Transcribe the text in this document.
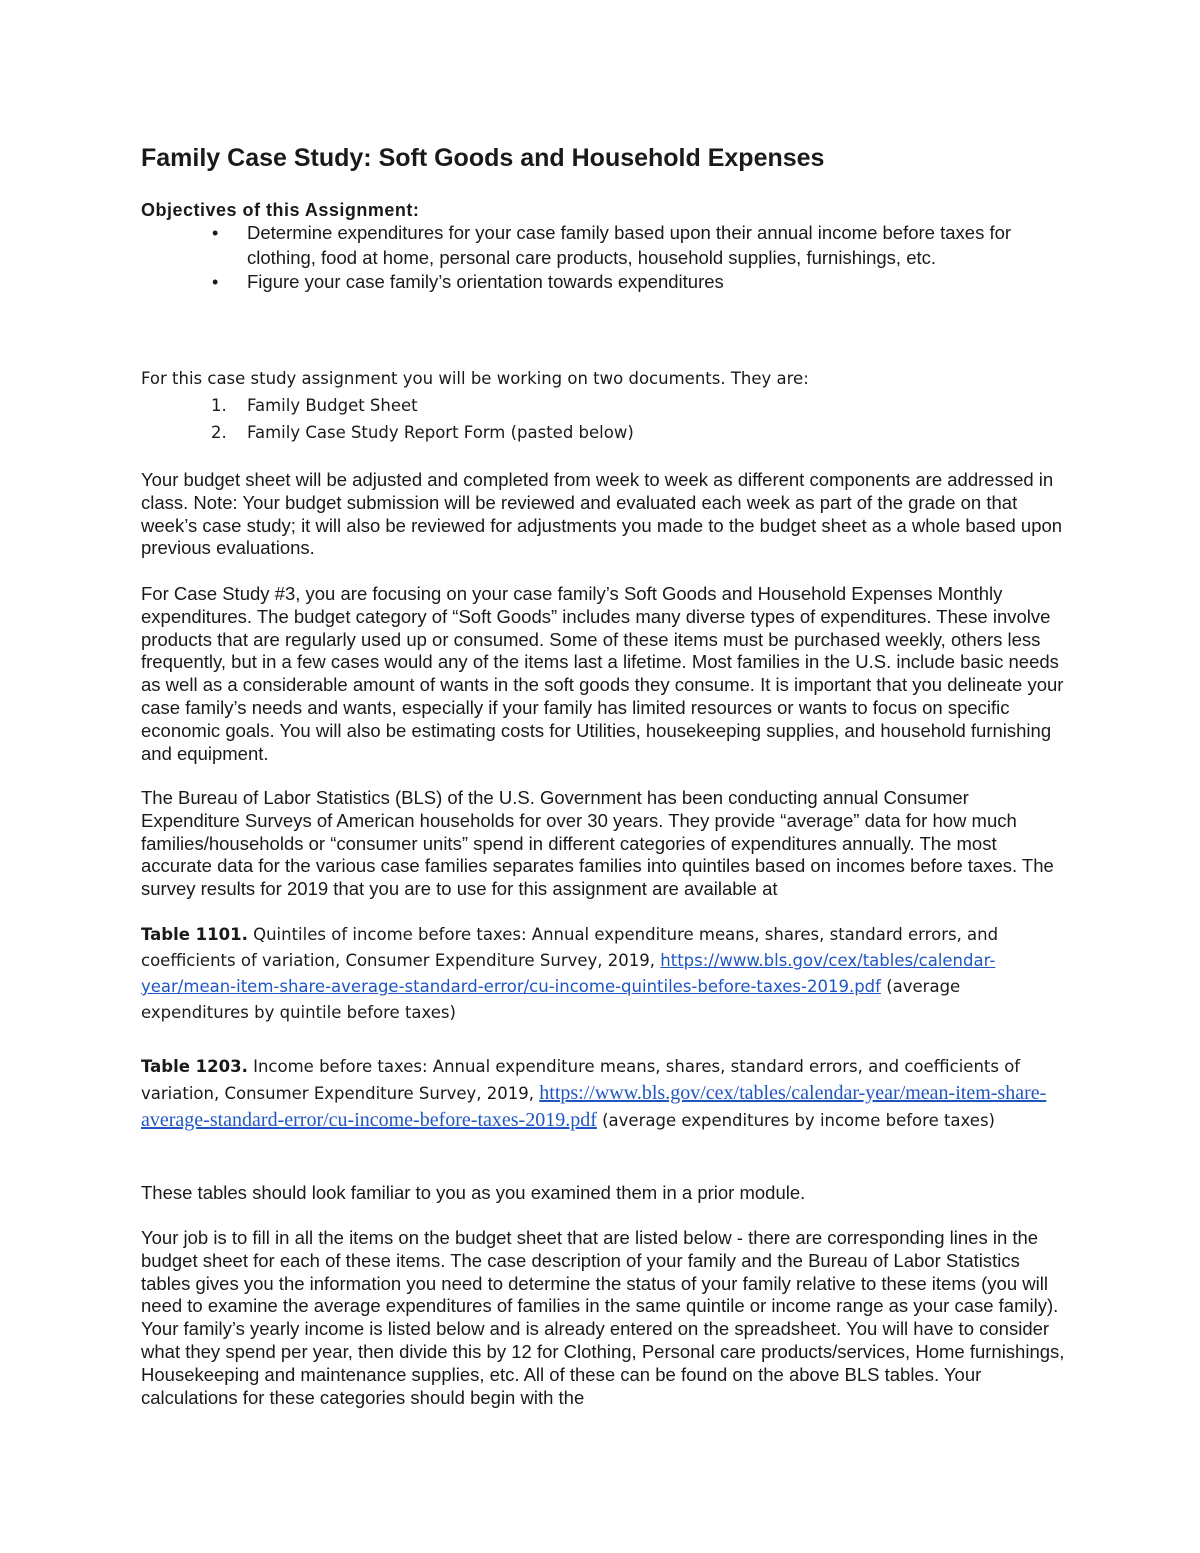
Family Case Study: Soft Goods and Household Expenses

Objectives of this Assignment:

• Determine expenditures for your case family based upon their annual income before taxes for clothing, food at home, personal care products, household supplies, furnishings, etc.
• Figure your case family’s orientation towards expenditures

For this case study assignment you will be working on two documents. They are:

1. Family Budget Sheet
2. Family Case Study Report Form (pasted below)

Your budget sheet will be adjusted and completed from week to week as different components are addressed in class. Note: Your budget submission will be reviewed and evaluated each week as part of the grade on that week’s case study; it will also be reviewed for adjustments you made to the budget sheet as a whole based upon previous evaluations.

For Case Study #3, you are focusing on your case family’s Soft Goods and Household Expenses Monthly expenditures. The budget category of “Soft Goods” includes many diverse types of expenditures. These involve products that are regularly used up or consumed. Some of these items must be purchased weekly, others less frequently, but in a few cases would any of the items last a lifetime. Most families in the U.S. include basic needs as well as a considerable amount of wants in the soft goods they consume. It is important that you delineate your case family’s needs and wants, especially if your family has limited resources or wants to focus on specific economic goals. You will also be estimating costs for Utilities, housekeeping supplies, and household furnishing and equipment.

The Bureau of Labor Statistics (BLS) of the U.S. Government has been conducting annual Consumer Expenditure Surveys of American households for over 30 years. They provide “average” data for how much families/households or “consumer units” spend in different categories of expenditures annually. The most accurate data for the various case families separates families into quintiles based on incomes before taxes. The survey results for 2019 that you are to use for this assignment are available at

Table 1101. Quintiles of income before taxes: Annual expenditure means, shares, standard errors, and coefficients of variation, Consumer Expenditure Survey, 2019, https://www.bls.gov/cex/tables/calendar-year/mean-item-share-average-standard-error/cu-income-quintiles-before-taxes-2019.pdf (average expenditures by quintile before taxes)

Table 1203. Income before taxes: Annual expenditure means, shares, standard errors, and coefficients of variation, Consumer Expenditure Survey, 2019, https://www.bls.gov/cex/tables/calendar-year/mean-item-share-average-standard-error/cu-income-before-taxes-2019.pdf (average expenditures by income before taxes)

These tables should look familiar to you as you examined them in a prior module.

Your job is to fill in all the items on the budget sheet that are listed below - there are corresponding lines in the budget sheet for each of these items. The case description of your family and the Bureau of Labor Statistics tables gives you the information you need to determine the status of your family relative to these items (you will need to examine the average expenditures of families in the same quintile or income range as your case family). Your family’s yearly income is listed below and is already entered on the spreadsheet. You will have to consider what they spend per year, then divide this by 12 for Clothing, Personal care products/services, Home furnishings, Housekeeping and maintenance supplies, etc. All of these can be found on the above BLS tables. Your calculations for these categories should begin with the
